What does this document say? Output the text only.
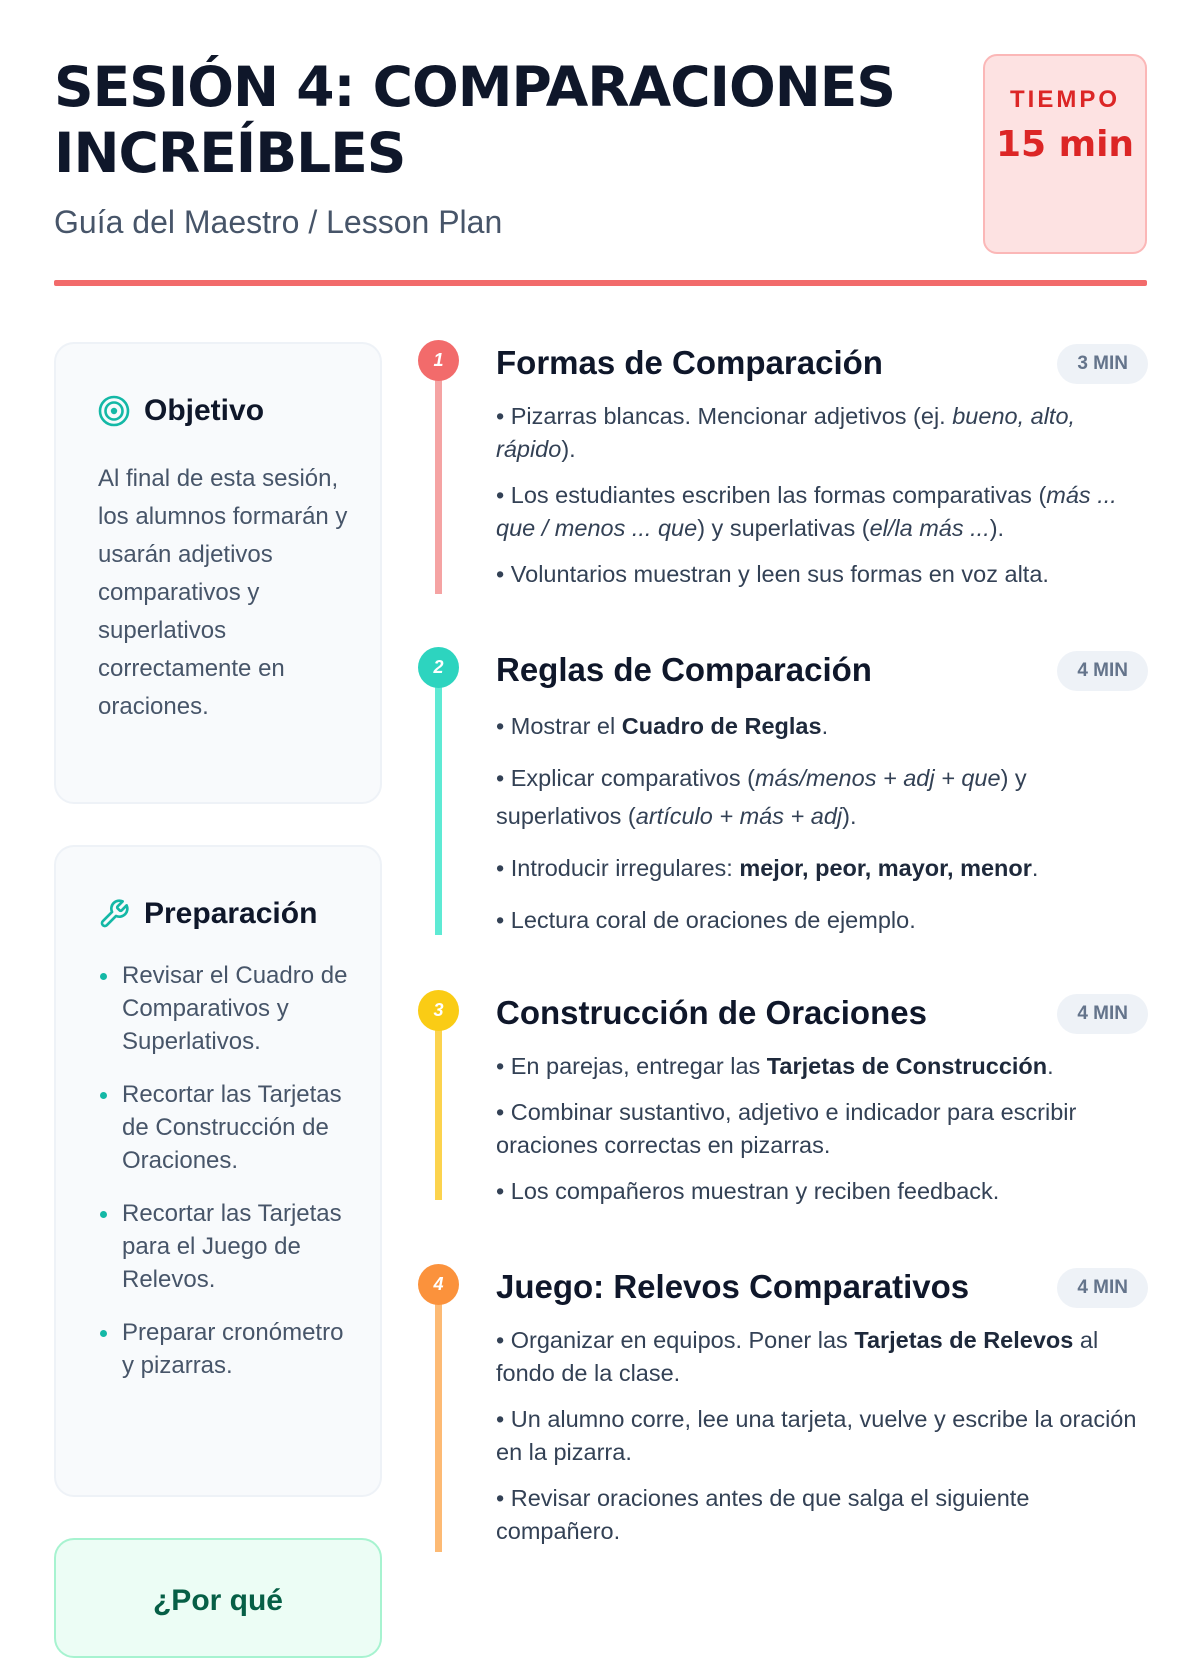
SESIÓN 4: COMPARACIONES INCREÍBLES
Guía del Maestro / Lesson Plan
TIEMPO
15 min
Objetivo

Al final de esta sesión, los alumnos formarán y usarán adjetivos comparativos y superlativos correctamente en oraciones.

Preparación
Revisar el Cuadro de Comparativos y Superlativos.
Recortar las Tarjetas de Construcción de Oraciones.
Recortar las Tarjetas para el Juego de Relevos.
Preparar cronómetro y pizarras.
¿Por qué
1	Formas de Comparación	3 MIN

• Pizarras blancas. Mencionar adjetivos (ej. bueno, alto, rápido).

• Los estudiantes escriben las formas comparativas (más ... que / menos ... que) y superlativas (el/la más ...).

• Voluntarios muestran y leen sus formas en voz alta.

2	Reglas de Comparación	4 MIN

• Mostrar el Cuadro de Reglas.

• Explicar comparativos (más/menos + adj + que) y superlativos (artículo + más + adj).

• Introducir irregulares: mejor, peor, mayor, menor.

• Lectura coral de oraciones de ejemplo.

3	Construcción de Oraciones	4 MIN

• En parejas, entregar las Tarjetas de Construcción.

• Combinar sustantivo, adjetivo e indicador para escribir oraciones correctas en pizarras.

• Los compañeros muestran y reciben feedback.

4	Juego: Relevos Comparativos	4 MIN

• Organizar en equipos. Poner las Tarjetas de Relevos al fondo de la clase.

• Un alumno corre, lee una tarjeta, vuelve y escribe la oración en la pizarra.

• Revisar oraciones antes de que salga el siguiente compañero.
